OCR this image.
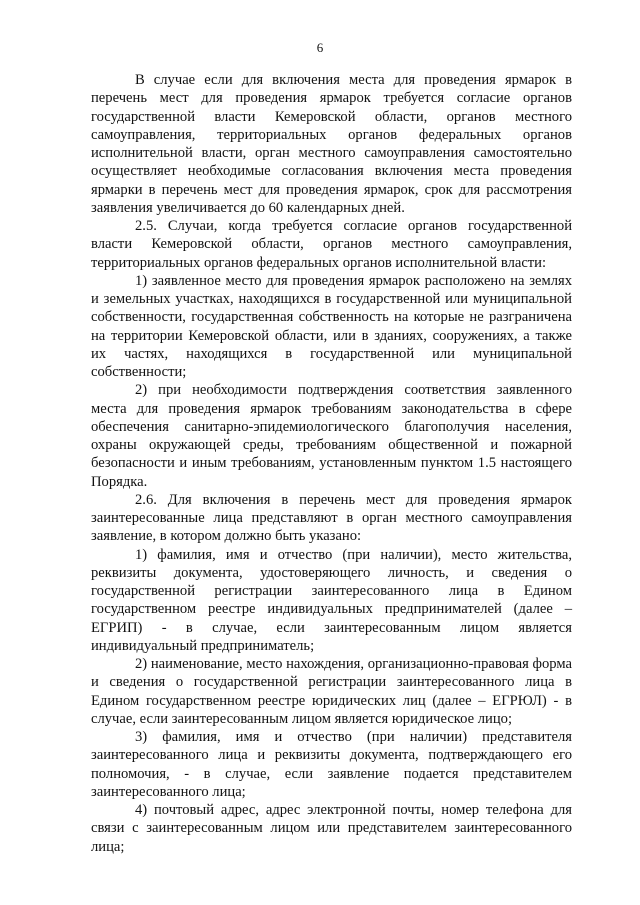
6

В случае если для включения места для проведения ярмарок в перечень мест для проведения ярмарок требуется согласие органов государственной власти Кемеровской области, органов местного самоуправления, территориальных органов федеральных органов исполнительной власти, орган местного самоуправления самостоятельно осуществляет необходимые согласования включения места проведения ярмарки в перечень мест для проведения ярмарок, срок для рассмотрения заявления увеличивается до 60 календарных дней.

2.5. Случаи, когда требуется согласие органов государственной власти Кемеровской области, органов местного самоуправления, территориальных органов федеральных органов исполнительной власти:

1) заявленное место для проведения ярмарок расположено на землях и земельных участках, находящихся в государственной или муниципальной собственности, государственная собственность на которые не разграничена на территории Кемеровской области, или в зданиях, сооружениях, а также их частях, находящихся в государственной или муниципальной собственности;

2) при необходимости подтверждения соответствия заявленного места для проведения ярмарок требованиям законодательства в сфере обеспечения санитарно-эпидемиологического благополучия населения, охраны окружающей среды, требованиям общественной и пожарной безопасности и иным требованиям, установленным пунктом 1.5 настоящего Порядка.

2.6. Для включения в перечень мест для проведения ярмарок заинтересованные лица представляют в орган местного самоуправления заявление, в котором должно быть указано:

1) фамилия, имя и отчество (при наличии), место жительства, реквизиты документа, удостоверяющего личность, и сведения о государственной регистрации заинтересованного лица в Едином государственном реестре индивидуальных предпринимателей (далее – ЕГРИП) - в случае, если заинтересованным лицом является индивидуальный предприниматель;

2) наименование, место нахождения, организационно-правовая форма и сведения о государственной регистрации заинтересованного лица в Едином государственном реестре юридических лиц (далее – ЕГРЮЛ) - в случае, если заинтересованным лицом является юридическое лицо;

3) фамилия, имя и отчество (при наличии) представителя заинтересованного лица и реквизиты документа, подтверждающего его полномочия, - в случае, если заявление подается представителем заинтересованного лица;

4) почтовый адрес, адрес электронной почты, номер телефона для связи с заинтересованным лицом или представителем заинтересованного лица;
